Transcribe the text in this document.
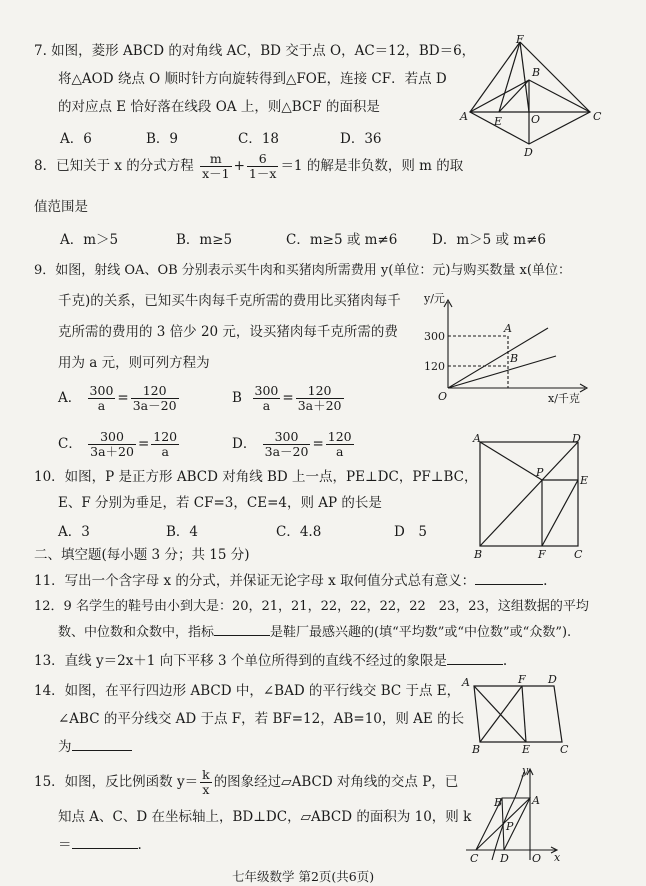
7. 如图，菱形 ABCD 的对角线 AC，BD 交于点 O，AC＝12，BD＝6，
将△AOD 绕点 O 顺时针方向旋转得到△FOE，连接 CF．若点 D
的对应点 E 恰好落在线段 OA 上，则△BCF 的面积是
A．6	B．9	C．18	D．36
F
B
A E	O	C
D
8．已知关于 x 的分式方程 $\frac{m}{x-1} + \frac{6}{1-x} =1$ 的解是非负数，则 m 的取
值范围是
A．m＞5	B．m≥5	C．m≥5 或 m≠6	D．m＞5 或 m≠6
9．如图，射线 OA、OB 分别表示买牛肉和买猪肉所需费用 y(单位：元)与购买数量 x(单位：
千克)的关系，已知买牛肉每千克所需的费用比买猪肉每千
克所需的费用的 3 倍少 20 元，设买猪肉每千克所需的费
用为 a 元，则可列方程为
A． $\frac{300}{a} = \frac{120}{3a-20}$	B $\frac{300}{a} = \frac{120}{3a+20}$
C． $\frac{300}{3a+20} = \frac{120}{a}$	D． $\frac{300}{3a-20} = \frac{120}{a}$
y/元
x/千克
O
300
120
A
B
10．如图，P 是正方形 ABCD 对角线 BD 上一点，PE⊥DC，PF⊥BC，
E、F 分别为垂足，若 CF=3，CE=4，则 AP 的长是
A．3	B．4	C．4.8	D　5
A	D
P
E
B	F	C
二、填空题(每小题 3 分；共 15 分)
11．写出一个含字母 x 的分式，并保证无论字母 x 取何值分式总有意义：	.
12．9 名学生的鞋号由小到大是：20，21，21，22，22，22，22　23，23，这组数据的平均
数、中位数和众数中，指标	是鞋厂最感兴趣的(填“平均数”或“中位数”或“众数”).
13．直线 y＝2x＋1 向下平移 3 个单位所得到的直线不经过的象限是	.
14．如图，在平行四边形 ABCD 中，∠BAD 的平行线交 BC 于点 E，
∠ABC 的平分线交 AD 于点 F，若 BF=12，AB=10，则 AE 的长
为
A	F D
B	E	C
15．如图，反比例函数 $y= \frac{k}{x}$ 的图象经过▱ABCD 对角线的交点 P，已
知点 A、C、D 在坐标轴上，BD⊥DC，▱ABCD 的面积为 10，则 k
＝	.
y
B	A
P
C D O x
七年级数学 第2页(共6页)
